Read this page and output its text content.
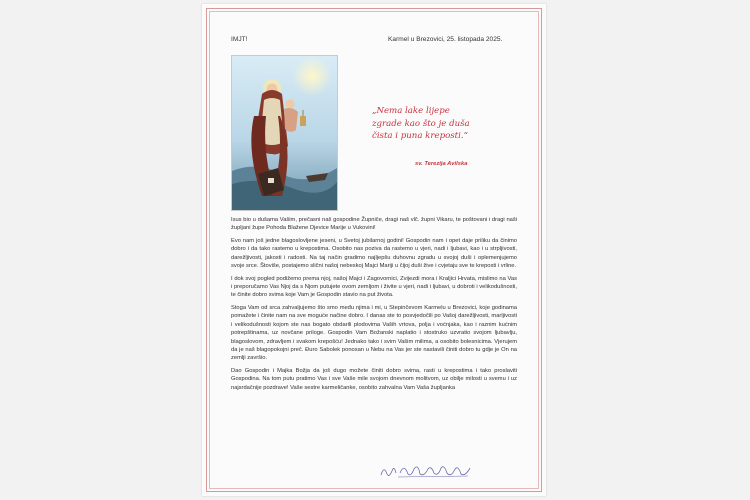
IMJT!	Karmel u Brezovici, 25. listopada 2025.
„Nema lake lijepe
zgrade kao što je duša
čista i puna kreposti.“
sv. Terezija Avilska

Isus bio u dušama Vašim, prečasni naš gospodine Župniče, dragi naš vlč. župni Vikaru, te poštovani i dragi naši župljani župe Pohoda Blažene Djevice Marije u Vukovini!

Evo nam još jedne blagoslovljene jeseni, u Svetoj jubilarnoj godini! Gospodin nam i opet daje priliku da činimo dobro i da tako rastemo u krepostima. Osobito nas poziva da rastemo u vjeri, nadi i ljubavi, kao i u strpljivosti, darežljivosti, jakosti i radosti. Na taj način gradimo najljepšu duhovnu zgradu u svojoj duši i oplemenjujemo svoje srce. Štoviše, postajemo slični našoj nebeskoj Majci Mariji u čijoj duši žive i cvjetaju sve te kreposti i vrline.

I dok svoj pogled podižemo prema njoj, našoj Majci i Zagovornici, Zvijezdi mora i Kraljici Hrvata, mislimo na Vas i preporučamo Vas Njoj da s Njom putujete ovom zemljom i živite u vjeri, nadi i ljubavi, u dobroti i velikodušnosti, te činite dobro svima koje Vam je Gospodin stavio na put života.

Stoga Vam od srca zahvaljujemo što smo među njima i mi, u Stepinčevom Karmelu u Brezovici, koje godinama pomažete i činite nam na sve moguće načine dobro. I danas ste to posvjedočili po Vašoj darežljivosti, marljivosti i velikodušnosti kojom ste nas bogato obdarili plodovima Vaših vrtova, polja i voćnjaka, kao i raznim kućnim potrepštinama, uz novčane priloge. Gospodin Vam Božanski naplatio i stostruko uzvratio svojom ljubavlju, blagoslovom, zdravljem i svakom krepošću! Jednako tako i svim Vašim milima, a osobito bolesnicima. Vjerujem da je naš blagopokojni preč. Đuro Sabolek ponosan u Nebu na Vas jer ste nastavili činiti dobro tu gdje je On na zemlji završio.

Dao Gospodin i Majka Božja da još dugo možete činiti dobro svima, rasti u krepostima i tako proslaviti Gospodina. Na tom putu pratimo Vas i sve Vaše mile svojom dnevnom molitvom, uz obilje milosti u svemu i uz najsrdačnije pozdrave! Vaše sestre karmeličanke, osobito zahvalna Vam Vaša župljanka
